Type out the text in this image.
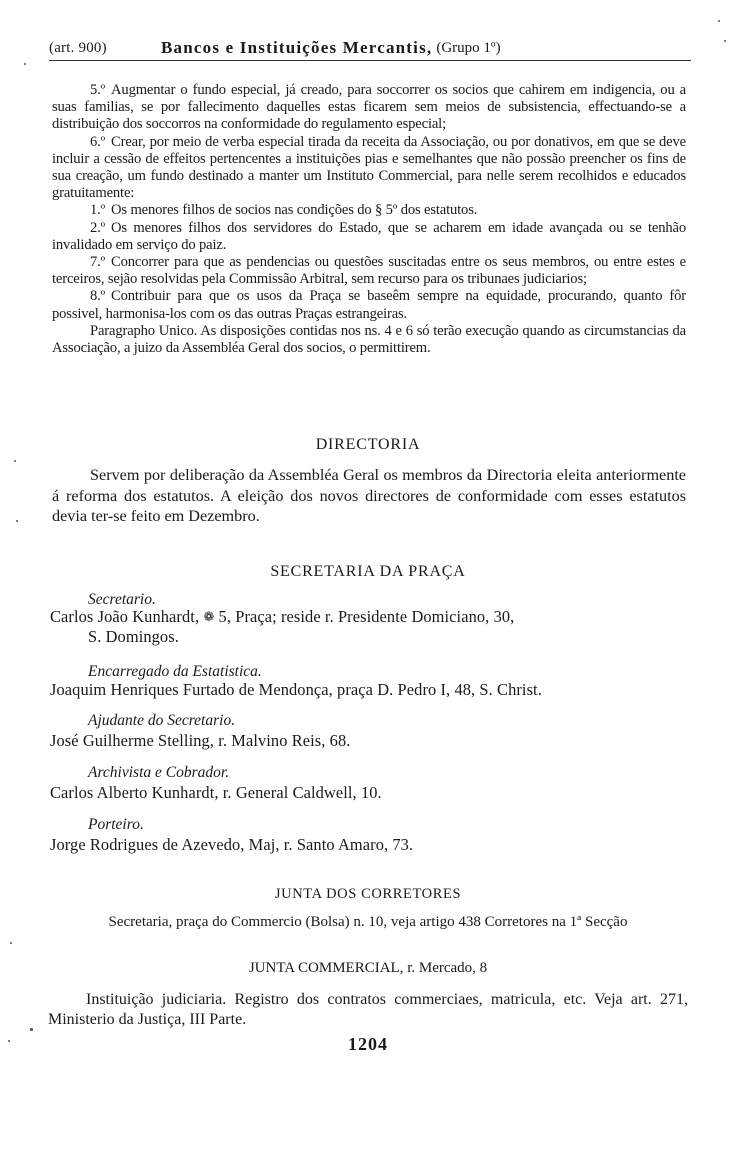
(art. 900)	Bancos e Instituições Mercantis, (Grupo 1º)

5.º Augmentar o fundo especial, já creado, para soccorrer os socios que cahirem em indigencia, ou a suas familias, se por fallecimento daquelles estas ficarem sem meios de subsistencia, effectuando-se a distribuição dos soccorros na conformidade do regulamento especial;

6.º Crear, por meio de verba especial tirada da receita da Associação, ou por donativos, em que se deve incluir a cessão de effeitos pertencentes a instituições pias e semelhantes que não possão preencher os fins de sua creação, um fundo destinado a manter um Instituto Commercial, para nelle serem recolhidos e educados gratuitamente:

1.º Os menores filhos de socios nas condições do § 5º dos estatutos.

2.º Os menores filhos dos servidores do Estado, que se acharem em idade avançada ou se tenhão invalidado em serviço do paiz.

7.º Concorrer para que as pendencias ou questões suscitadas entre os seus membros, ou entre estes e terceiros, sejão resolvidas pela Commissão Arbitral, sem recurso para os tribunaes judiciarios;

8.º Contribuir para que os usos da Praça se baseêm sempre na equidade, procurando, quanto fôr possivel, harmonisa-los com os das outras Praças estrangeiras.

Paragrapho Unico. As disposições contidas nos ns. 4 e 6 só terão execução quando as circumstancias da Associação, a juizo da Assembléa Geral dos socios, o permittirem.

DIRECTORIA

Servem por deliberação da Assembléa Geral os membros da Directoria eleita anteriormente á reforma dos estatutos. A eleição dos novos directores de conformidade com esses estatutos devia ter-se feito em Dezembro.

SECRETARIA DA PRAÇA
Secretario.
Carlos João Kunhardt, ❁ 5, Praça; reside r. Presidente Domiciano, 30,
S. Domingos.
Encarregado da Estatistica.
Joaquim Henriques Furtado de Mendonça, praça D. Pedro I, 48, S. Christ.
Ajudante do Secretario.
José Guilherme Stelling, r. Malvino Reis, 68.
Archivista e Cobrador.
Carlos Alberto Kunhardt, r. General Caldwell, 10.
Porteiro.
Jorge Rodrigues de Azevedo, Maj, r. Santo Amaro, 73.
JUNTA DOS CORRETORES
Secretaria, praça do Commercio (Bolsa) n. 10, veja artigo 438 Corretores na 1ª Secção
JUNTA COMMERCIAL, r. Mercado, 8

Instituição judiciaria. Registro dos contratos commerciaes, matricula, etc. Veja art. 271, Ministerio da Justiça, III Parte.

1204
